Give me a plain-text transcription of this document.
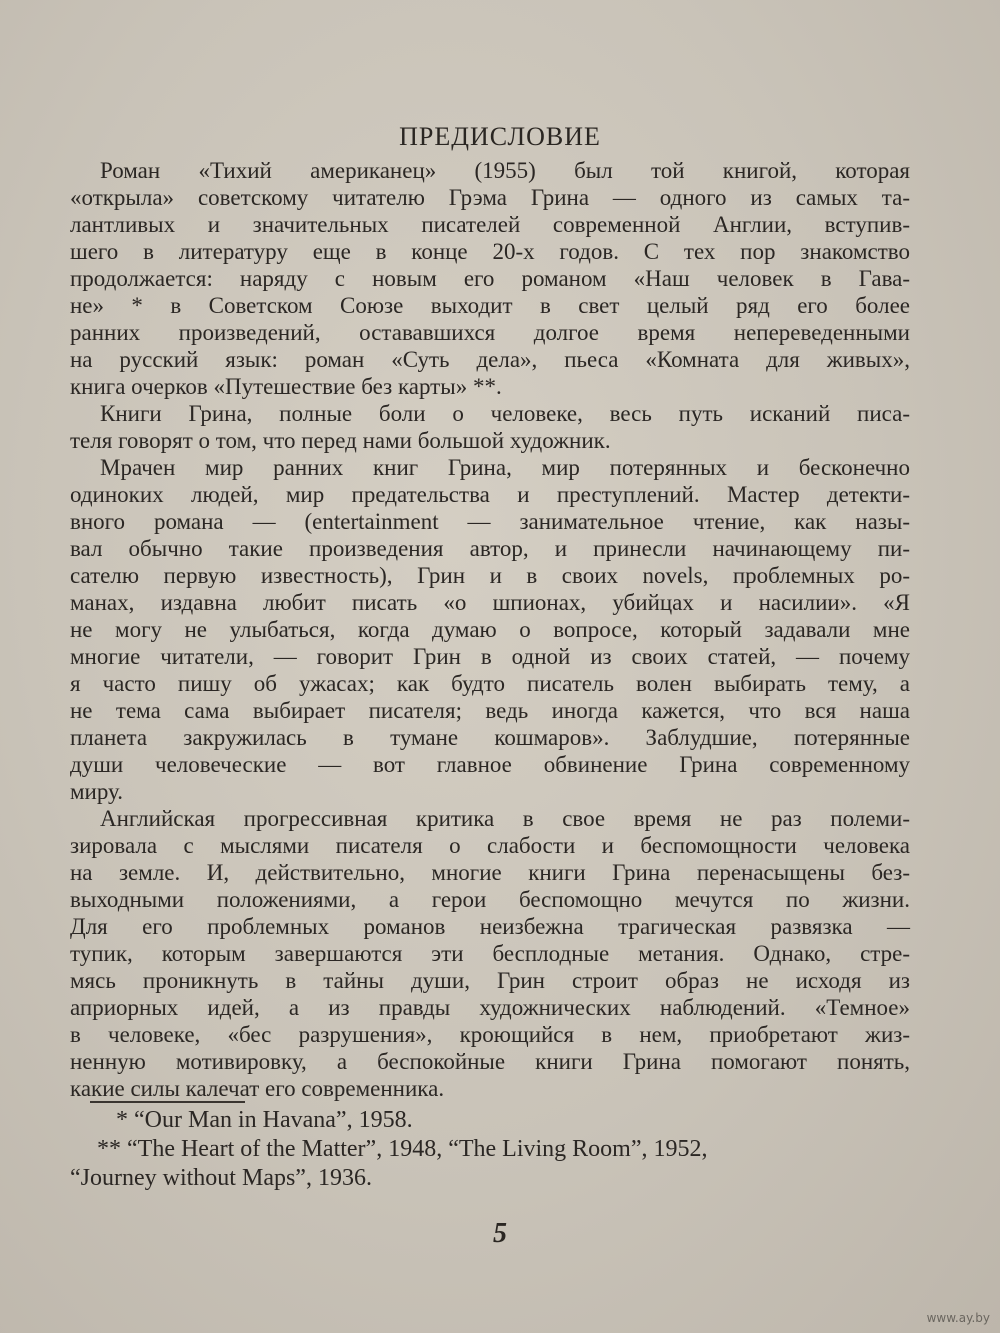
ПРЕДИСЛОВИЕ
Роман «Тихий американец» (1955) был той книгой, которая
«открыла» советскому читателю Грэма Грина — одного из самых та-
лантливых и значительных писателей современной Англии, вступив-
шего в литературу еще в конце 20-х годов. С тех пор знакомство
продолжается: наряду с новым его романом «Наш человек в Гава-
не» * в Советском Союзе выходит в свет целый ряд его более
ранних произведений, остававшихся долгое время непереведенными
на русский язык: роман «Суть дела», пьеса «Комната для живых»,
книга очерков «Путешествие без карты» **.
Книги Грина, полные боли о человеке, весь путь исканий писа-
теля говорят о том, что перед нами большой художник.
Мрачен мир ранних книг Грина, мир потерянных и бесконечно
одиноких людей, мир предательства и преступлений. Мастер детекти-
вного романа — (entertainment — занимательное чтение, как назы-
вал обычно такие произведения автор, и принесли начинающему пи-
сателю первую известность), Грин и в своих novels, проблемных ро-
манах, издавна любит писать «о шпионах, убийцах и насилии». «Я
не могу не улыбаться, когда думаю о вопросе, который задавали мне
многие читатели, — говорит Грин в одной из своих статей, — почему
я часто пишу об ужасах; как будто писатель волен выбирать тему, а
не тема сама выбирает писателя; ведь иногда кажется, что вся наша
планета закружилась в тумане кошмаров». Заблудшие, потерянные
души человеческие — вот главное обвинение Грина современному
миру.
Английская прогрессивная критика в свое время не раз полеми-
зировала с мыслями писателя о слабости и беспомощности человека
на земле. И, действительно, многие книги Грина перенасыщены без-
выходными положениями, а герои беспомощно мечутся по жизни.
Для его проблемных романов неизбежна трагическая развязка —
тупик, которым завершаются эти бесплодные метания. Однако, стре-
мясь проникнуть в тайны души, Грин строит образ не исходя из
априорных идей, а из правды художнических наблюдений. «Темное»
в человеке, «бес разрушения», кроющийся в нем, приобретают жиз-
ненную мотивировку, а беспокойные книги Грина помогают понять,
какие силы калечат его современника.
* “Our Man in Havana”, 1958.
** “The Heart of the Matter”, 1948, “The Living Room”, 1952,
“Journey without Maps”, 1936.
5
www.ay.by
